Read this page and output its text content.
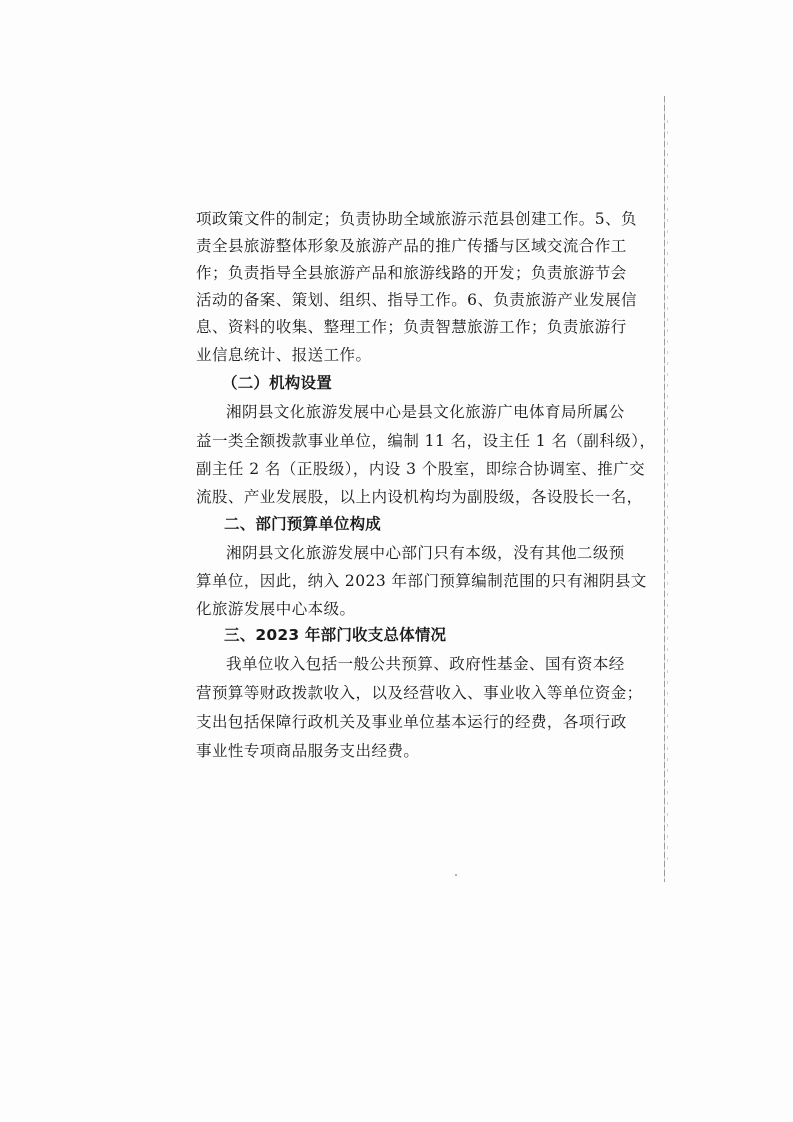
项政策文件的制定；负责协助全域旅游示范县创建工作。5、负
责全县旅游整体形象及旅游产品的推广传播与区域交流合作工
作；负责指导全县旅游产品和旅游线路的开发；负责旅游节会
活动的备案、策划、组织、指导工作。6、负责旅游产业发展信
息、资料的收集、整理工作；负责智慧旅游工作；负责旅游行
业信息统计、报送工作。
（二）机构设置
湘阴县文化旅游发展中心是县文化旅游广电体育局所属公
益一类全额拨款事业单位，编制 11 名，设主任 1 名（副科级），
副主任 2 名（正股级），内设 3 个股室，即综合协调室、推广交
流股、产业发展股，以上内设机构均为副股级，各设股长一名，
二、部门预算单位构成
湘阴县文化旅游发展中心部门只有本级，没有其他二级预
算单位，因此，纳入 2023 年部门预算编制范围的只有湘阴县文
化旅游发展中心本级。
三、2023 年部门收支总体情况
我单位收入包括一般公共预算、政府性基金、国有资本经
营预算等财政拨款收入，以及经营收入、事业收入等单位资金；
支出包括保障行政机关及事业单位基本运行的经费，各项行政
事业性专项商品服务支出经费。
